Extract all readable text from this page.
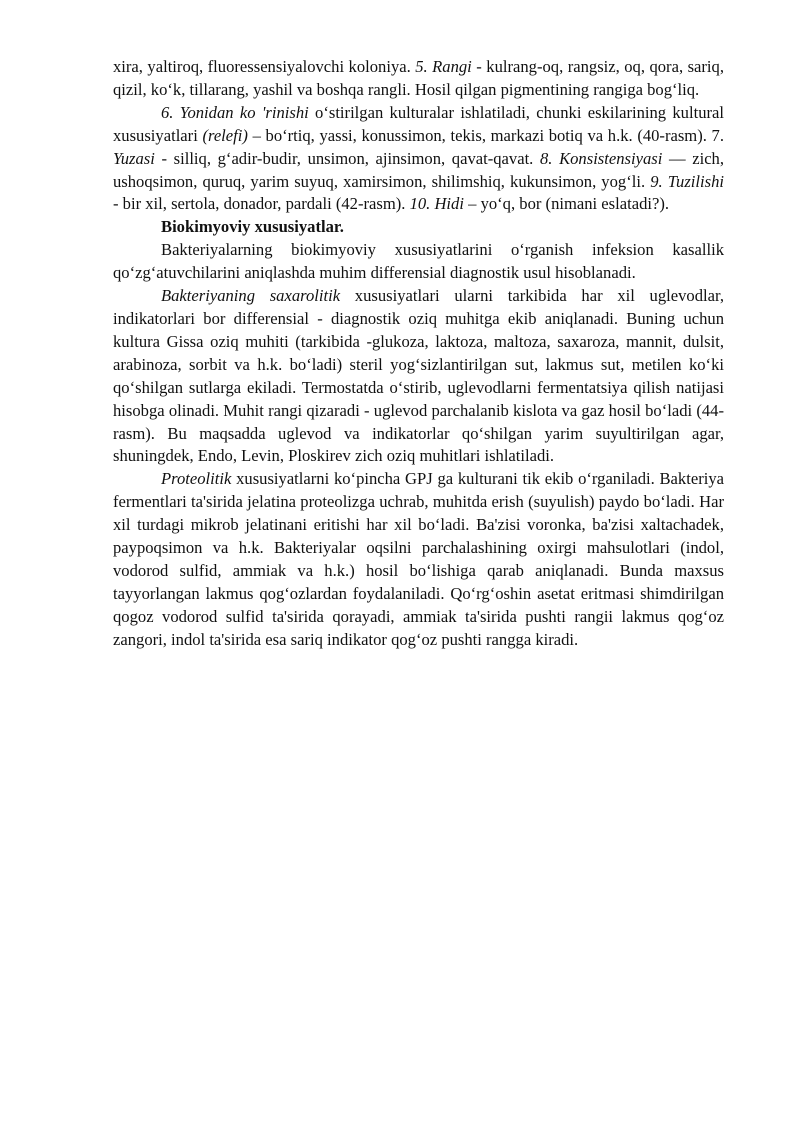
xira, yaltiroq, fluoressensiyalovchi koloniya. 5. Rangi - kulrang-oq, rangsiz, oq, qora, sariq, qizil, ko‘k, tillarang, yashil va boshqa rangli. Hosil qilgan pigmentining rangiga bog‘liq.

6. Yonidan ko 'rinishi o‘stirilgan kulturalar ishlatiladi, chunki eskilarining kultural xususiyatlari (relefi) – bo‘rtiq, yassi, konussimon, tekis, markazi botiq va h.k. (40-rasm). 7. Yuzasi - silliq, g‘adir-budir, unsimon, ajinsimon, qavat-qavat. 8. Konsistensiyasi — zich, ushoqsimon, quruq, yarim suyuq, xamirsimon, shilimshiq, kukunsimon, yog‘li. 9. Tuzilishi - bir xil, sertola, donador, pardali (42-rasm). 10. Hidi – yo‘q, bor (nimani eslatadi?).

Biokimyoviy xususiyatlar.

Bakteriyalarning biokimyoviy xususiyatlarini o‘rganish infeksion kasallik qo‘zg‘atuvchilarini aniqlashda muhim differensial diagnostik usul hisoblanadi.

Bakteriyaning saxarolitik xususiyatlari ularni tarkibida har xil uglevodlar, indikatorlari bor differensial - diagnostik oziq muhitga ekib aniqlanadi. Buning uchun kultura Gissa oziq muhiti (tarkibida -glukoza, laktoza, maltoza, saxaroza, mannit, dulsit, arabinoza, sorbit va h.k. bo‘ladi) steril yog‘sizlantirilgan sut, lakmus sut, metilen ko‘ki qo‘shilgan sutlarga ekiladi. Termostatda o‘stirib, uglevodlarni fermentatsiya qilish natijasi hisobga olinadi. Muhit rangi qizaradi - uglevod parchalanib kislota va gaz hosil bo‘ladi (44-rasm). Bu maqsadda uglevod va indikatorlar qo‘shilgan yarim suyultirilgan agar, shuningdek, Endo, Levin, Ploskirev zich oziq muhitlari ishlatiladi.

Proteolitik xususiyatlarni ko‘pincha GPJ ga kulturani tik ekib o‘rganiladi. Bakteriya fermentlari ta'sirida jelatina proteolizga uchrab, muhitda erish (suyulish) paydo bo‘ladi. Har xil turdagi mikrob jelatinani eritishi har xil bo‘ladi. Ba'zisi voronka, ba'zisi xaltachadek, paypoqsimon va h.k. Bakteriyalar oqsilni parchalashining oxirgi mahsulotlari (indol, vodorod sulfid, ammiak va h.k.) hosil bo‘lishiga qarab aniqlanadi. Bunda maxsus tayyorlangan lakmus qog‘ozlardan foydalaniladi. Qo‘rg‘oshin asetat eritmasi shimdirilgan qogoz vodorod sulfid ta'sirida qorayadi, ammiak ta'sirida pushti rangii lakmus qog‘oz zangori, indol ta'sirida esa sariq indikator qog‘oz pushti rangga kiradi.
